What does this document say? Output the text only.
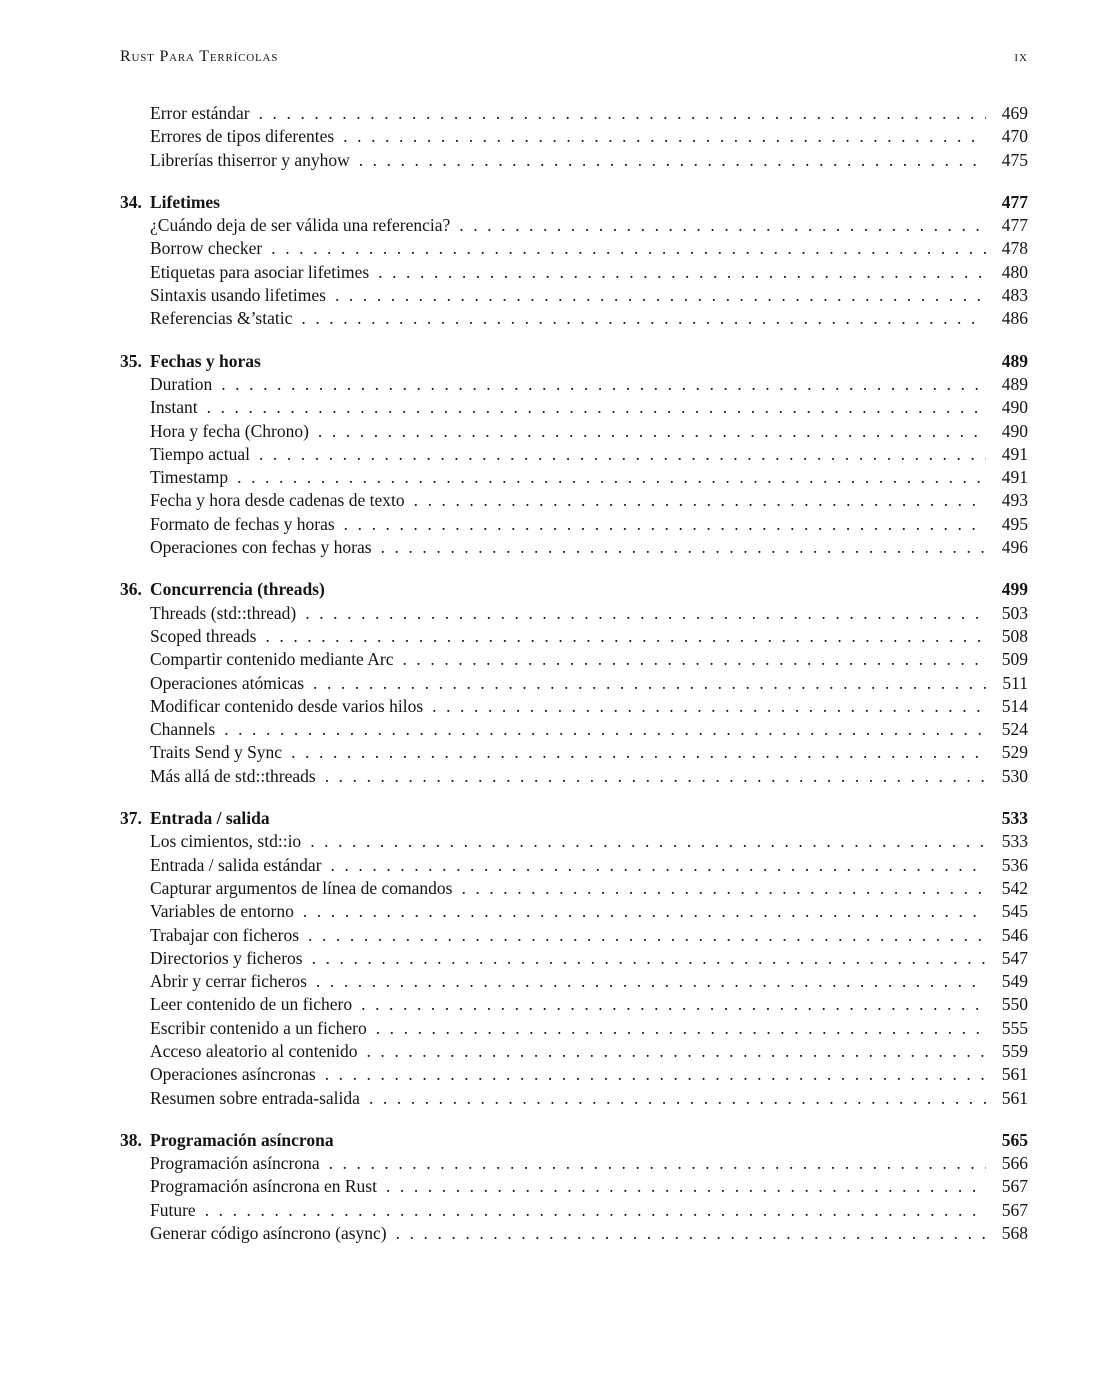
Rust Para Terrícolas	ix
Error estándar . . .	469
Errores de tipos diferentes . . .	470
Librerías thiserror y anyhow . . .	475
34. Lifetimes	477
¿Cuándo deja de ser válida una referencia? . . .	477
Borrow checker . . .	478
Etiquetas para asociar lifetimes . . .	480
Sintaxis usando lifetimes . . .	483
Referencias &’static . . .	486
35. Fechas y horas	489
Duration . . .	489
Instant . . .	490
Hora y fecha (Chrono) . . .	490
Tiempo actual . . .	491
Timestamp . . .	491
Fecha y hora desde cadenas de texto . . .	493
Formato de fechas y horas . . .	495
Operaciones con fechas y horas . . .	496
36. Concurrencia (threads)	499
Threads (std::thread) . . .	503
Scoped threads . . .	508
Compartir contenido mediante Arc . . .	509
Operaciones atómicas . . .	511
Modificar contenido desde varios hilos . . .	514
Channels . . .	524
Traits Send y Sync . . .	529
Más allá de std::threads . . .	530
37. Entrada / salida	533
Los cimientos, std::io . . .	533
Entrada / salida estándar . . .	536
Capturar argumentos de línea de comandos . . .	542
Variables de entorno . . .	545
Trabajar con ficheros . . .	546
Directorios y ficheros . . .	547
Abrir y cerrar ficheros . . .	549
Leer contenido de un fichero . . .	550
Escribir contenido a un fichero . . .	555
Acceso aleatorio al contenido . . .	559
Operaciones asíncronas . . .	561
Resumen sobre entrada-salida . . .	561
38. Programación asíncrona	565
Programación asíncrona . . .	566
Programación asíncrona en Rust . . .	567
Future . . .	567
Generar código asíncrono (async) . . .	568
